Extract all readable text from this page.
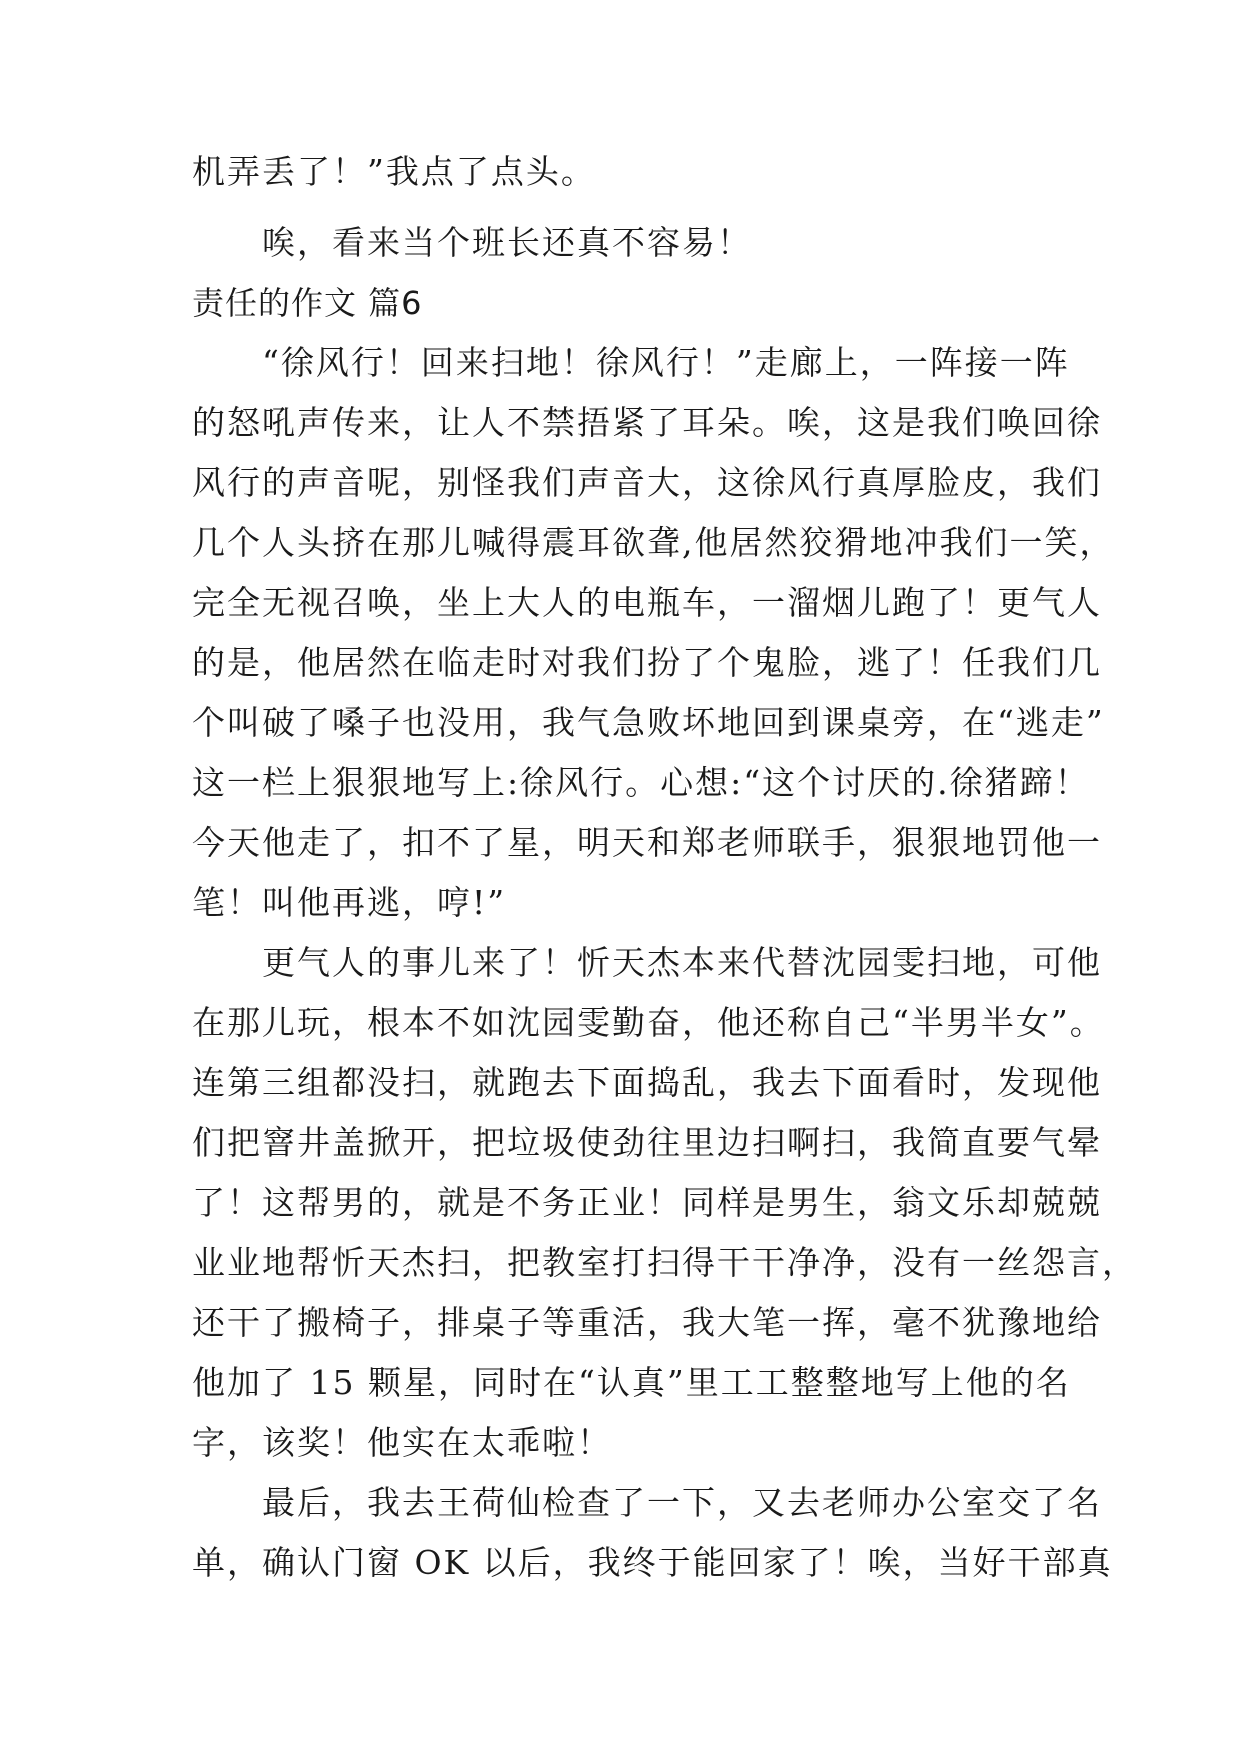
机弄丢了！”我点了点头。
　　唉，看来当个班长还真不容易！
责任的作文 篇6
　　“徐风行！回来扫地！徐风行！”走廊上，一阵接一阵
的怒吼声传来，让人不禁捂紧了耳朵。唉，这是我们唤回徐
风行的声音呢，别怪我们声音大，这徐风行真厚脸皮，我们
几个人头挤在那儿喊得震耳欲聋,他居然狡猾地冲我们一笑，
完全无视召唤，坐上大人的电瓶车，一溜烟儿跑了！更气人
的是，他居然在临走时对我们扮了个鬼脸，逃了！任我们几
个叫破了嗓子也没用，我气急败坏地回到课桌旁，在“逃走”
这一栏上狠狠地写上:徐风行。心想:“这个讨厌的.徐猪蹄！
今天他走了，扣不了星，明天和郑老师联手，狠狠地罚他一
笔！叫他再逃，哼!”
　　更气人的事儿来了！忻天杰本来代替沈园雯扫地，可他
在那儿玩，根本不如沈园雯勤奋，他还称自己“半男半女”。
连第三组都没扫，就跑去下面捣乱，我去下面看时，发现他
们把窨井盖掀开，把垃圾使劲往里边扫啊扫，我简直要气晕
了！这帮男的，就是不务正业！同样是男生，翁文乐却兢兢
业业地帮忻天杰扫，把教室打扫得干干净净，没有一丝怨言，
还干了搬椅子，排桌子等重活，我大笔一挥，毫不犹豫地给
他加了 15 颗星，同时在“认真”里工工整整地写上他的名
字，该奖！他实在太乖啦！
　　最后，我去王荷仙检查了一下，又去老师办公室交了名
单，确认门窗 OK 以后，我终于能回家了！唉，当好干部真
